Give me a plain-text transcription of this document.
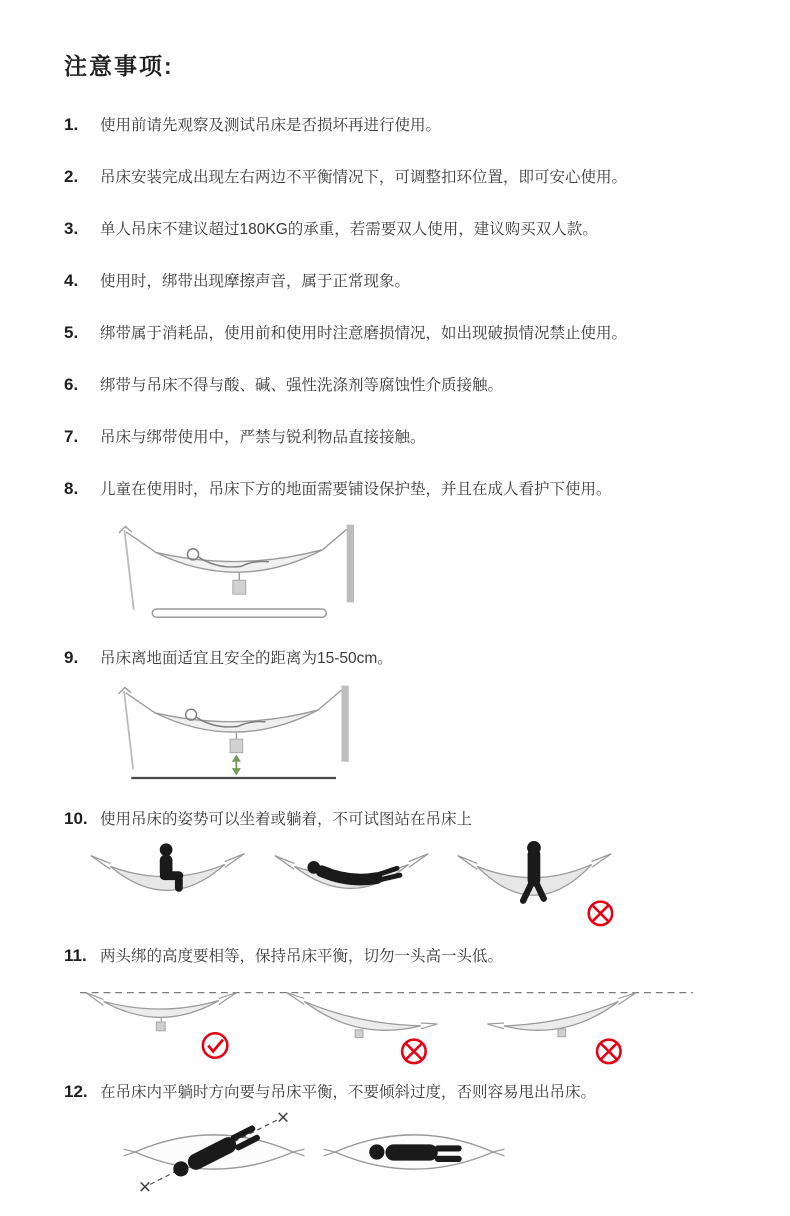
注意事项:
1.	使用前请先观察及测试吊床是否损坏再进行使用。
2.	吊床安装完成出现左右两边不平衡情况下，可调整扣环位置，即可安心使用。
3.	单人吊床不建议超过180KG的承重，若需要双人使用，建议购买双人款。
4.	使用时，绑带出现摩擦声音，属于正常现象。
5.	绑带属于消耗品，使用前和使用时注意磨损情况，如出现破损情况禁止使用。
6.	绑带与吊床不得与酸、碱、强性洗涤剂等腐蚀性介质接触。
7.	吊床与绑带使用中，严禁与锐利物品直接接触。
8.	儿童在使用时，吊床下方的地面需要铺设保护垫，并且在成人看护下使用。
9.	吊床离地面适宜且安全的距离为15-50cm。
10. 使用吊床的姿势可以坐着或躺着，不可试图站在吊床上
11. 两头绑的高度要相等，保持吊床平衡，切勿一头高一头低。
12. 在吊床内平躺时方向要与吊床平衡，不要倾斜过度，否则容易甩出吊床。
